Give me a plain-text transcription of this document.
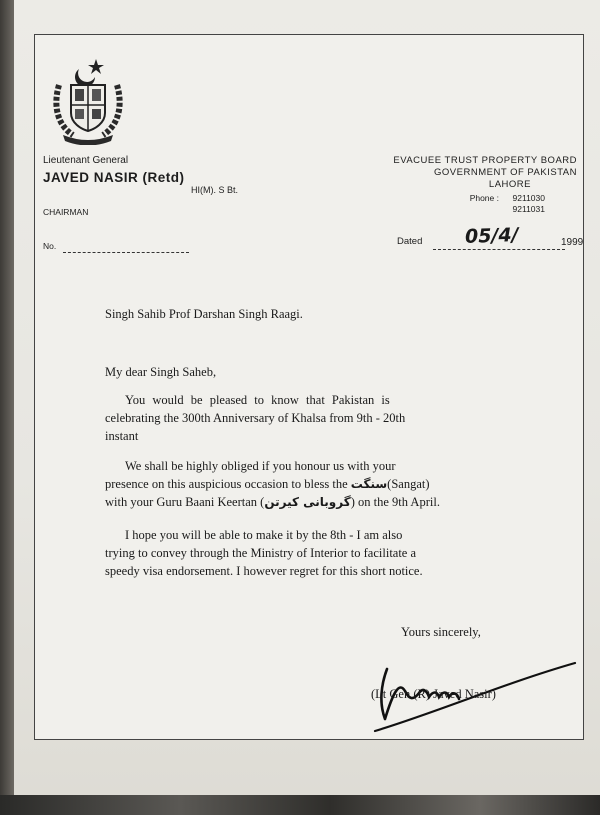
Lieutenant General
JAVED NASIR (Retd)
HI(M). S Bt.
CHAIRMAN
No.
EVACUEE TRUST PROPERTY BOARD
GOVERNMENT OF PAKISTAN
LAHORE
Phone : 9211030
9211031
Dated 05/4/	1999
Singh Sahib Prof Darshan Singh Raagi.
My dear Singh Saheb,
You would be pleased to know that Pakistan is
celebrating the 300th Anniversary of Khalsa from 9th - 20th
instant
We shall be highly obliged if you honour us with your
presence on this auspicious occasion to bless the سنگت(Sangat)
with your Guru Baani Keertan (گروبانی کیرتن) on the 9th April.
I hope you will be able to make it by the 8th - I am also
trying to convey through the Ministry of Interior to facilitate a
speedy visa endorsement. I however regret for this short notice.
Yours sincerely,
(Lt Gen (R) Javed Nasir)
